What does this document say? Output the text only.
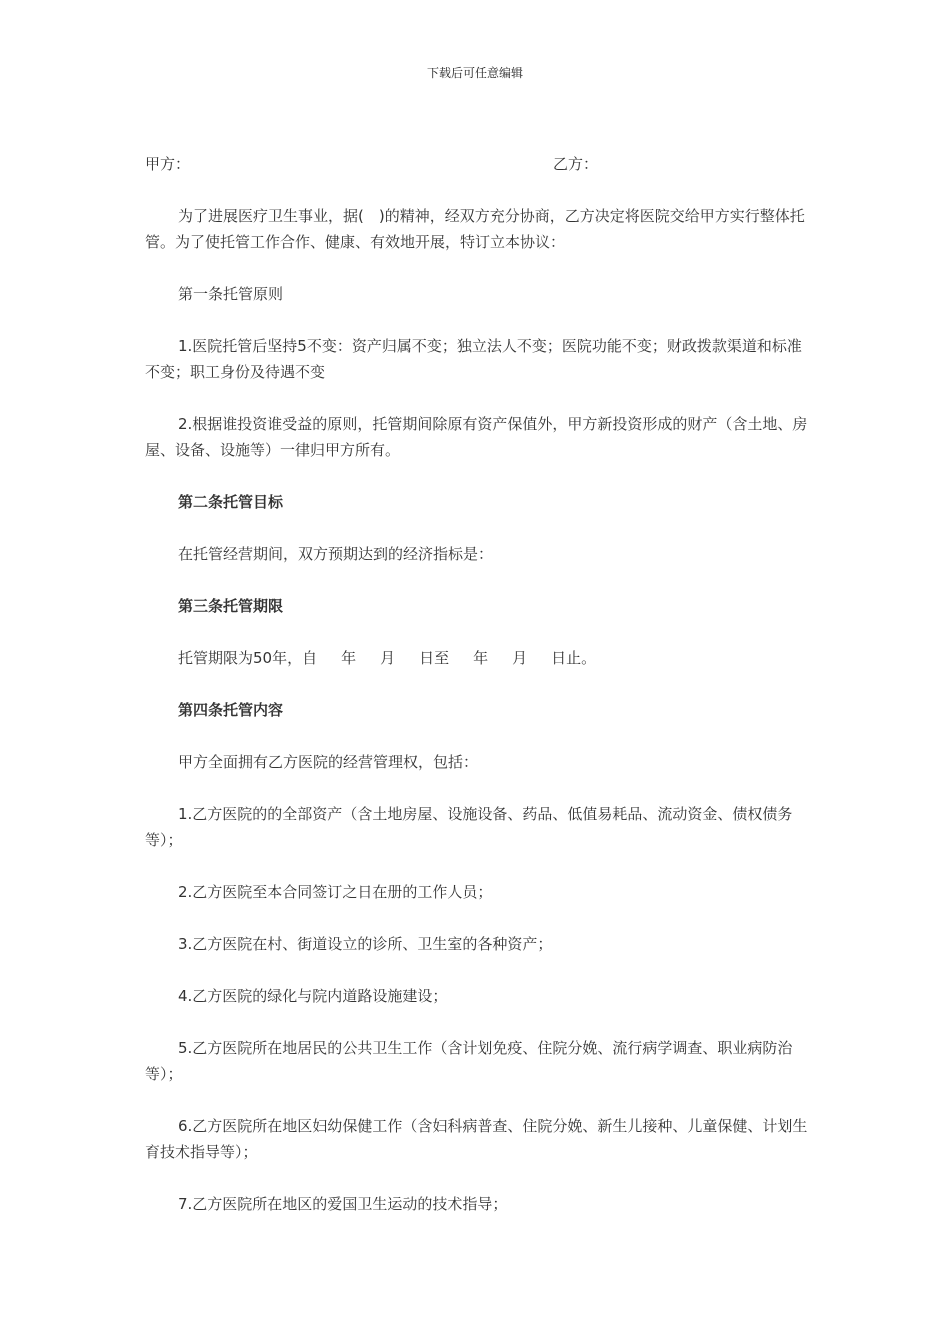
下载后可任意编辑
甲方：	乙方：

为了进展医疗卫生事业，据(　)的精神，经双方充分协商，乙方决定将医院交给甲方实行整体托管。为了使托管工作合作、健康、有效地开展，特订立本协议：

第一条托管原则

1.医院托管后坚持5不变：资产归属不变；独立法人不变；医院功能不变；财政拨款渠道和标准不变；职工身份及待遇不变

2.根据谁投资谁受益的原则，托管期间除原有资产保值外，甲方新投资形成的财产（含土地、房屋、设备、设施等）一律归甲方所有。

第二条托管目标

在托管经营期间，双方预期达到的经济指标是：

第三条托管期限

托管期限为50年，自 年 月 日至 年 月 日止。

第四条托管内容

甲方全面拥有乙方医院的经营管理权，包括：

1.乙方医院的的全部资产（含土地房屋、设施设备、药品、低值易耗品、流动资金、债权债务等）；

2.乙方医院至本合同签订之日在册的工作人员；

3.乙方医院在村、街道设立的诊所、卫生室的各种资产；

4.乙方医院的绿化与院内道路设施建设；

5.乙方医院所在地居民的公共卫生工作（含计划免疫、住院分娩、流行病学调查、职业病防治等）；

6.乙方医院所在地区妇幼保健工作（含妇科病普查、住院分娩、新生儿接种、儿童保健、计划生育技术指导等）；

7.乙方医院所在地区的爱国卫生运动的技术指导；
